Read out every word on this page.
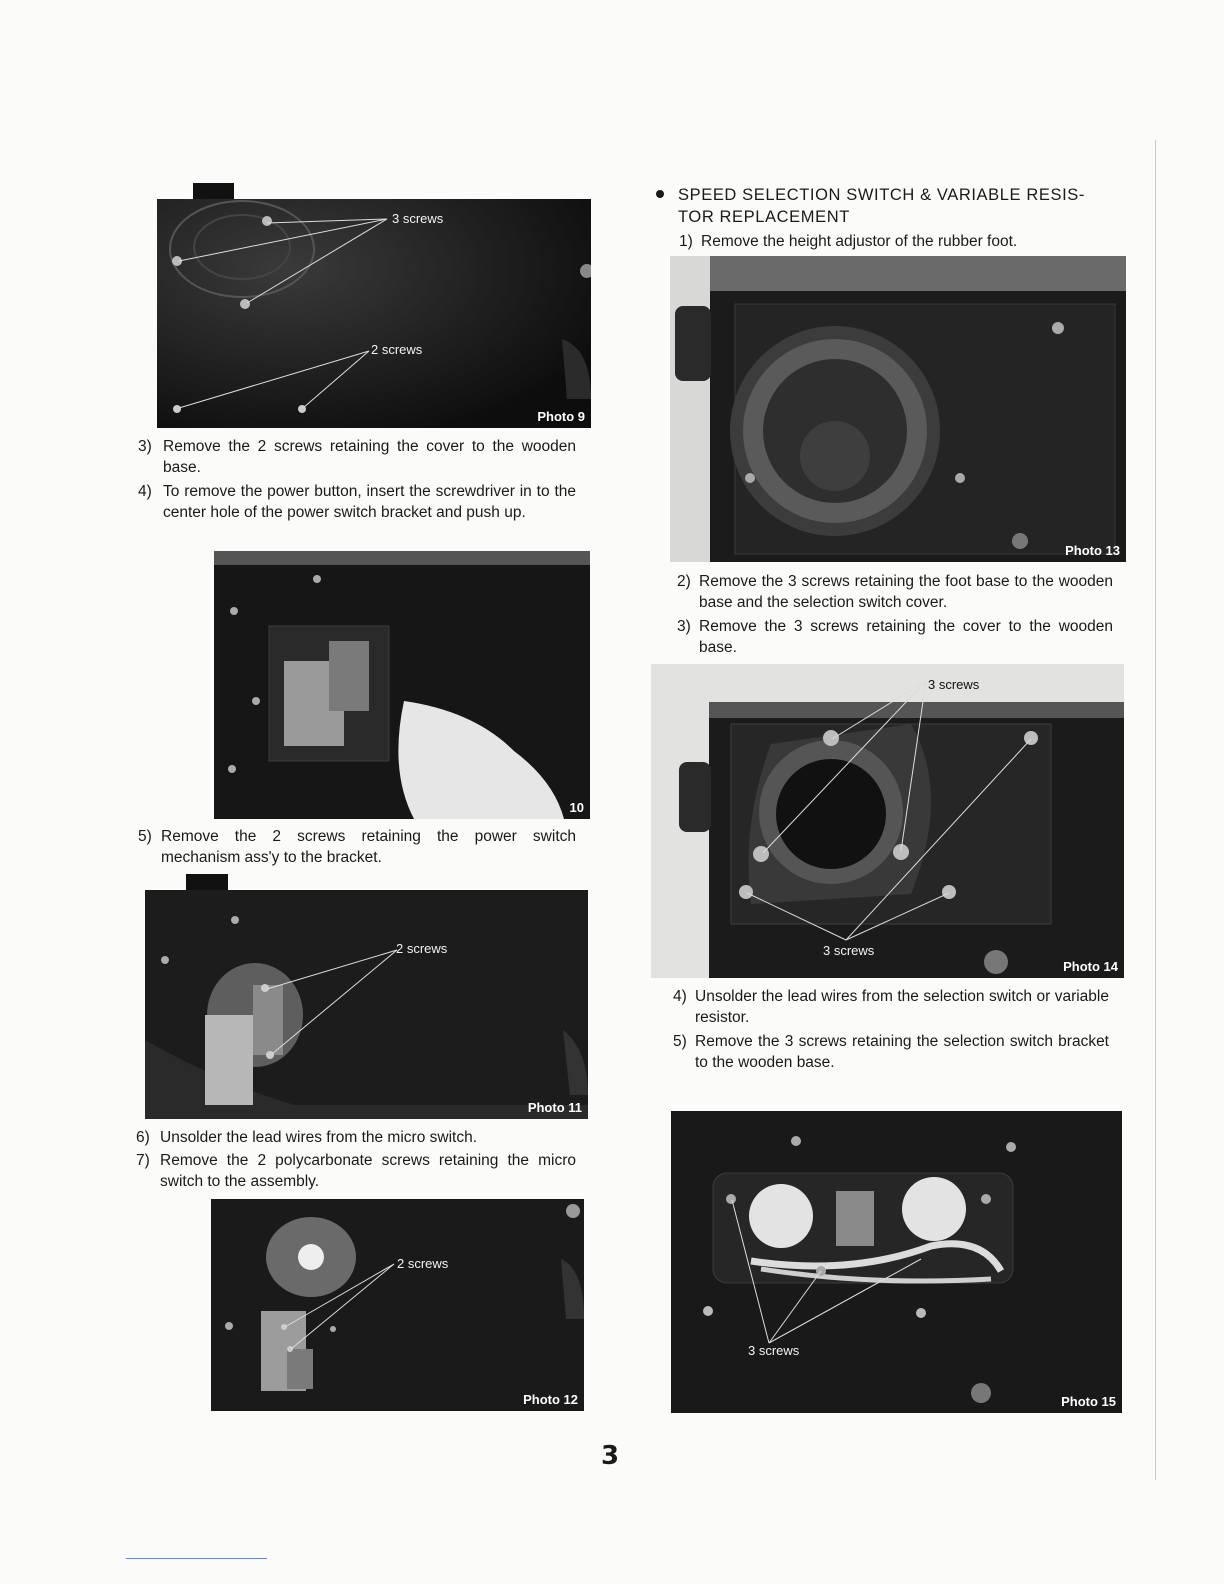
3 screws
2 screws
Photo 9
3) Remove the 2 screws retaining the cover to the wooden base.
4) To remove the power button, insert the screwdriver in to the center hole of the power switch bracket and push up.
10
5) Remove the 2 screws retaining the power switch mechanism ass'y to the bracket.
2 screws
Photo 11
6) Unsolder the lead wires from the micro switch.
7) Remove the 2 polycarbonate screws retaining the micro switch to the assembly.
2 screws
Photo 12
SPEED SELECTION SWITCH & VARIABLE RESIS-
TOR REPLACEMENT
1) Remove the height adjustor of the rubber foot.
Photo 13
2) Remove the 3 screws retaining the foot base to the wooden base and the selection switch cover.
3) Remove the 3 screws retaining the cover to the wooden base.
3 screws
3 screws
Photo 14
4) Unsolder the lead wires from the selection switch or variable resistor.
5) Remove the 3 screws retaining the selection switch bracket to the wooden base.
3 screws
Photo 15
3
